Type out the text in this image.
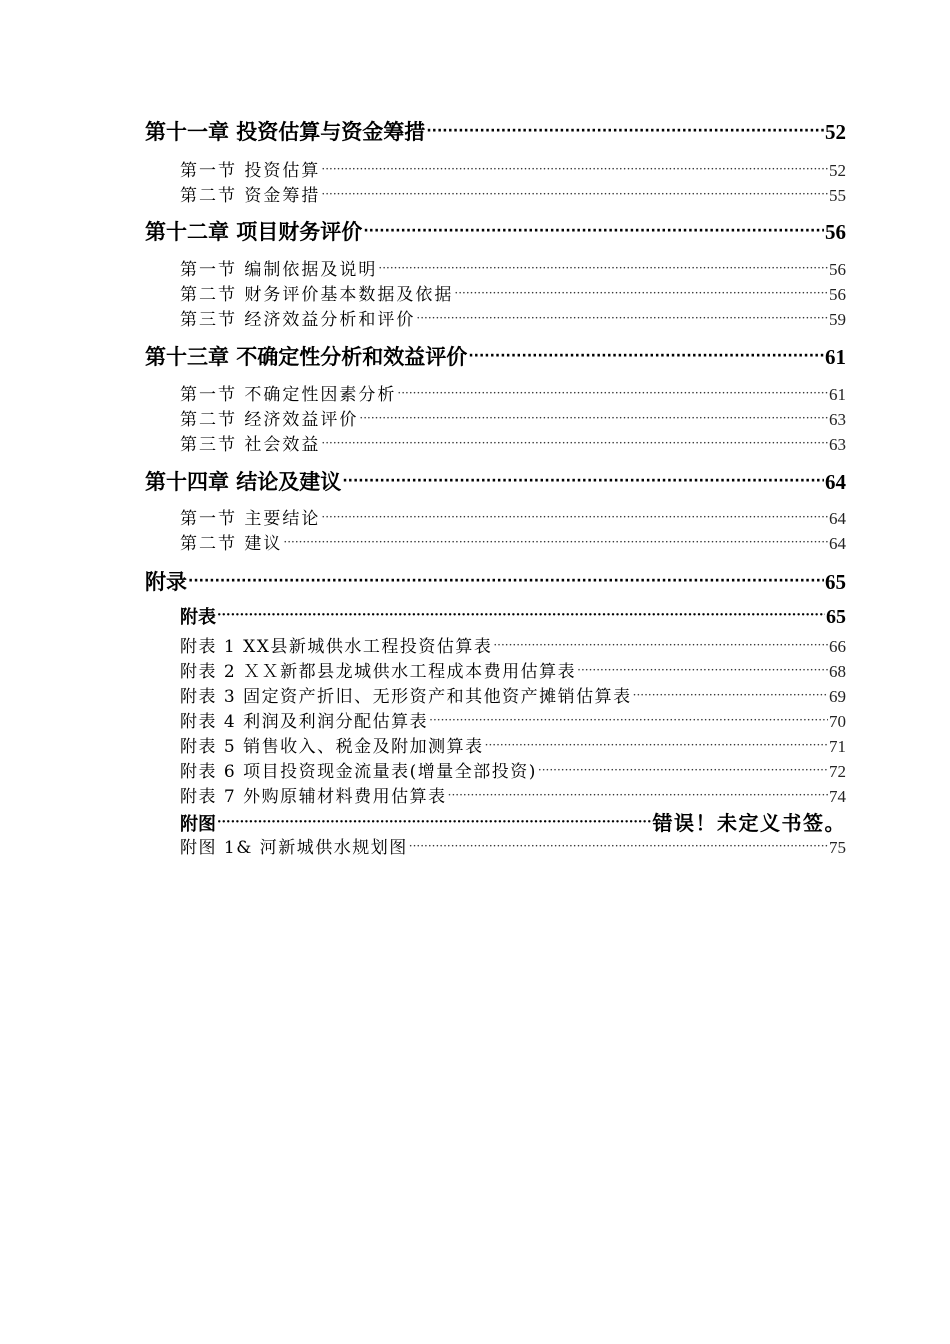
第十一章 投资估算与资金筹措 ·····	52
第一节 投资估算 ·····	52
第二节 资金筹措 ·····	55
第十二章 项目财务评价 ·····	56
第一节 编制依据及说明 ·····	56
第二节 财务评价基本数据及依据 ·····	56
第三节 经济效益分析和评价 ·····	59
第十三章 不确定性分析和效益评价 ·····	61
第一节 不确定性因素分析 ·····	61
第二节 经济效益评价 ·····	63
第三节 社会效益 ·····	63
第十四章 结论及建议 ·····	64
第一节 主要结论 ·····	64
第二节 建议 ·····	64
附录 ·····	65
附表 ·····	65
附表 1 XX县新城供水工程投资估算表 ·····	66
附表 2 ＸＸ新都县龙城供水工程成本费用估算表 ·····	68
附表 3 固定资产折旧、无形资产和其他资产摊销估算表 ·····	69
附表 4 利润及利润分配估算表 ·····	70
附表 5 销售收入、税金及附加测算表 ·····	71
附表 6 项目投资现金流量表(增量全部投资) ·····	72
附表 7 外购原辅材料费用估算表 ·····	74
附图 ·····	错误！未定义书签。
附图 1& 河新城供水规划图 ·····	75
